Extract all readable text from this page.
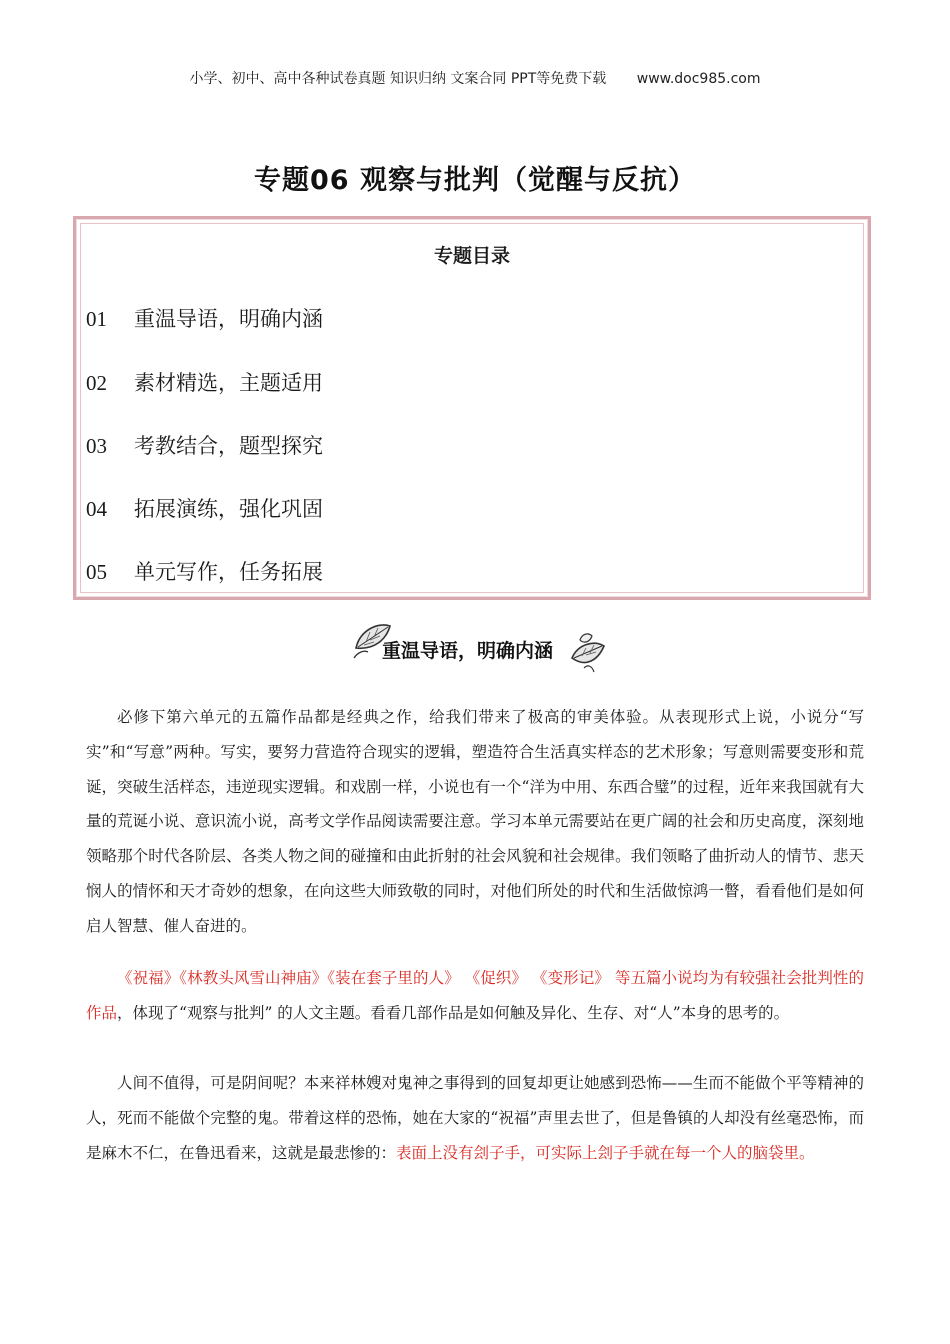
小学、初中、高中各种试卷真题 知识归纳 文案合同 PPT等免费下载 www.doc985.com
专题06 观察与批判（觉醒与反抗）
专题目录
01	重温导语，明确内涵
02	素材精选，主题适用
03	考教结合，题型探究
04	拓展演练，强化巩固
05	单元写作，任务拓展
重温导语，明确内涵

必修下第六单元的五篇作品都是经典之作，给我们带来了极高的审美体验。从表现形式上说，小说分“写实”和“写意”两种。写实，要努力营造符合现实的逻辑，塑造符合生活真实样态的艺术形象；写意则需要变形和荒诞，突破生活样态，违逆现实逻辑。和戏剧一样，小说也有一个“洋为中用、东西合璧”的过程，近年来我国就有大量的荒诞小说、意识流小说，高考文学作品阅读需要注意。学习本单元需要站在更广阔的社会和历史高度，深刻地领略那个时代各阶层、各类人物之间的碰撞和由此折射的社会风貌和社会规律。我们领略了曲折动人的情节、悲天悯人的情怀和天才奇妙的想象，在向这些大师致敬的同时，对他们所处的时代和生活做惊鸿一瞥，看看他们是如何启人智慧、催人奋进的。

《祝福》《林教头风雪山神庙》《装在套子里的人》 《促织》 《变形记》 等五篇小说均为有较强社会批判性的作品，体现了“观察与批判” 的人文主题。看看几部作品是如何触及异化、生存、对“人”本身的思考的。

人间不值得，可是阴间呢？本来祥林嫂对鬼神之事得到的回复却更让她感到恐怖——生而不能做个平等精神的人，死而不能做个完整的鬼。带着这样的恐怖，她在大家的“祝福”声里去世了，但是鲁镇的人却没有丝毫恐怖，而是麻木不仁，在鲁迅看来，这就是最悲惨的：表面上没有刽子手，可实际上刽子手就在每一个人的脑袋里。
